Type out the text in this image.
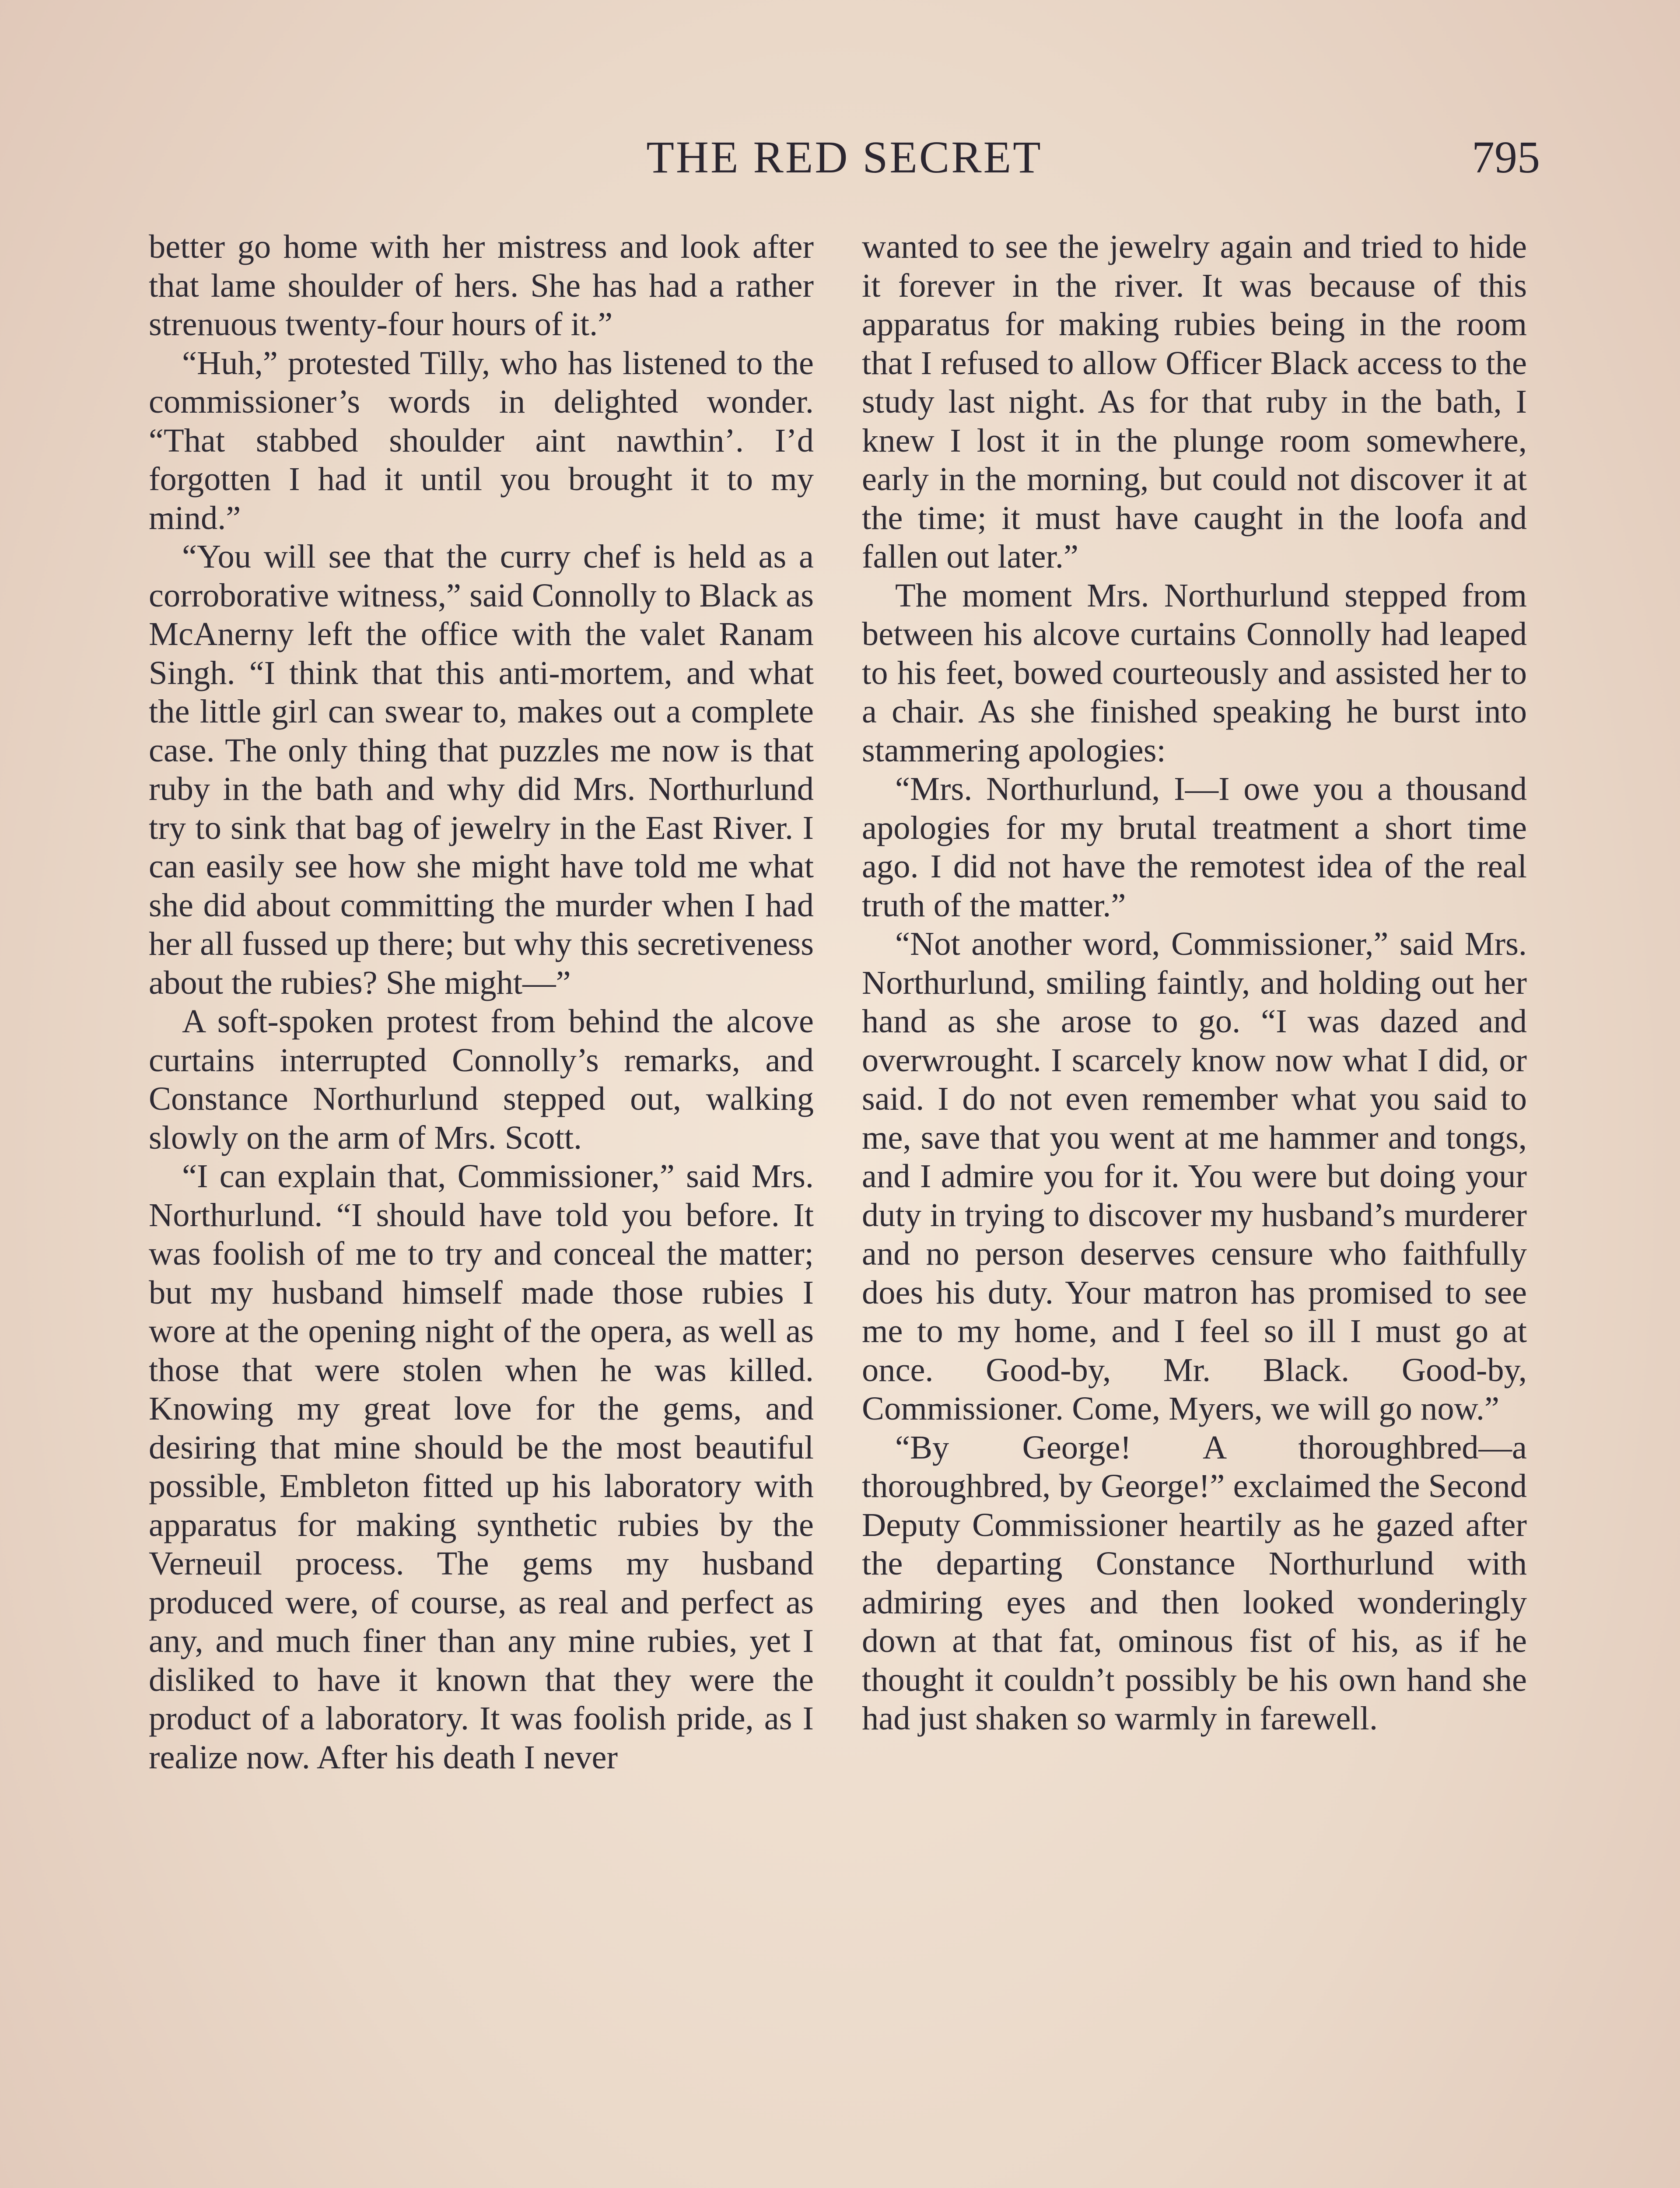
THE RED SECRET	795

better go home with her mistress and look after that lame shoulder of hers. She has had a rather strenuous twenty-four hours of it.”

“Huh,” protested Tilly, who has listened to the commissioner’s words in delighted wonder. “That stabbed shoulder aint nawthin’. I’d forgotten I had it until you brought it to my mind.”

“You will see that the curry chef is held as a corroborative witness,” said Connolly to Black as McAnerny left the office with the valet Ranam Singh. “I think that this anti-mortem, and what the little girl can swear to, makes out a complete case. The only thing that puzzles me now is that ruby in the bath and why did Mrs. Northurlund try to sink that bag of jewelry in the East River. I can easily see how she might have told me what she did about committing the murder when I had her all fussed up there; but why this secretiveness about the rubies? She might—”

A soft-spoken protest from behind the alcove curtains interrupted Connolly’s remarks, and Constance Northurlund stepped out, walking slowly on the arm of Mrs. Scott.

“I can explain that, Commissioner,” said Mrs. Northurlund. “I should have told you before. It was foolish of me to try and conceal the matter; but my husband himself made those rubies I wore at the opening night of the opera, as well as those that were stolen when he was killed. Knowing my great love for the gems, and desiring that mine should be the most beautiful possible, Embleton fitted up his laboratory with apparatus for making synthetic rubies by the Verneuil process. The gems my husband produced were, of course, as real and perfect as any, and much finer than any mine rubies, yet I disliked to have it known that they were the product of a laboratory. It was foolish pride, as I realize now. After his death I never

wanted to see the jewelry again and tried to hide it forever in the river. It was because of this apparatus for making rubies being in the room that I refused to allow Officer Black access to the study last night. As for that ruby in the bath, I knew I lost it in the plunge room somewhere, early in the morning, but could not discover it at the time; it must have caught in the loofa and fallen out later.”

The moment Mrs. Northurlund stepped from between his alcove curtains Connolly had leaped to his feet, bowed courteously and assisted her to a chair. As she finished speaking he burst into stammering apologies:

“Mrs. Northurlund, I—I owe you a thousand apologies for my brutal treatment a short time ago. I did not have the remotest idea of the real truth of the matter.”

“Not another word, Commissioner,” said Mrs. Northurlund, smiling faintly, and holding out her hand as she arose to go. “I was dazed and overwrought. I scarcely know now what I did, or said. I do not even remember what you said to me, save that you went at me hammer and tongs, and I admire you for it. You were but doing your duty in trying to discover my husband’s murderer and no person deserves censure who faithfully does his duty. Your matron has promised to see me to my home, and I feel so ill I must go at once. Good-by, Mr. Black. Good-by, Commissioner. Come, Myers, we will go now.”

“By George! A thoroughbred—a thoroughbred, by George!” exclaimed the Second Deputy Commissioner heartily as he gazed after the departing Constance Northurlund with admiring eyes and then looked wonderingly down at that fat, ominous fist of his, as if he thought it couldn’t possibly be his own hand she had just shaken so warmly in farewell.
